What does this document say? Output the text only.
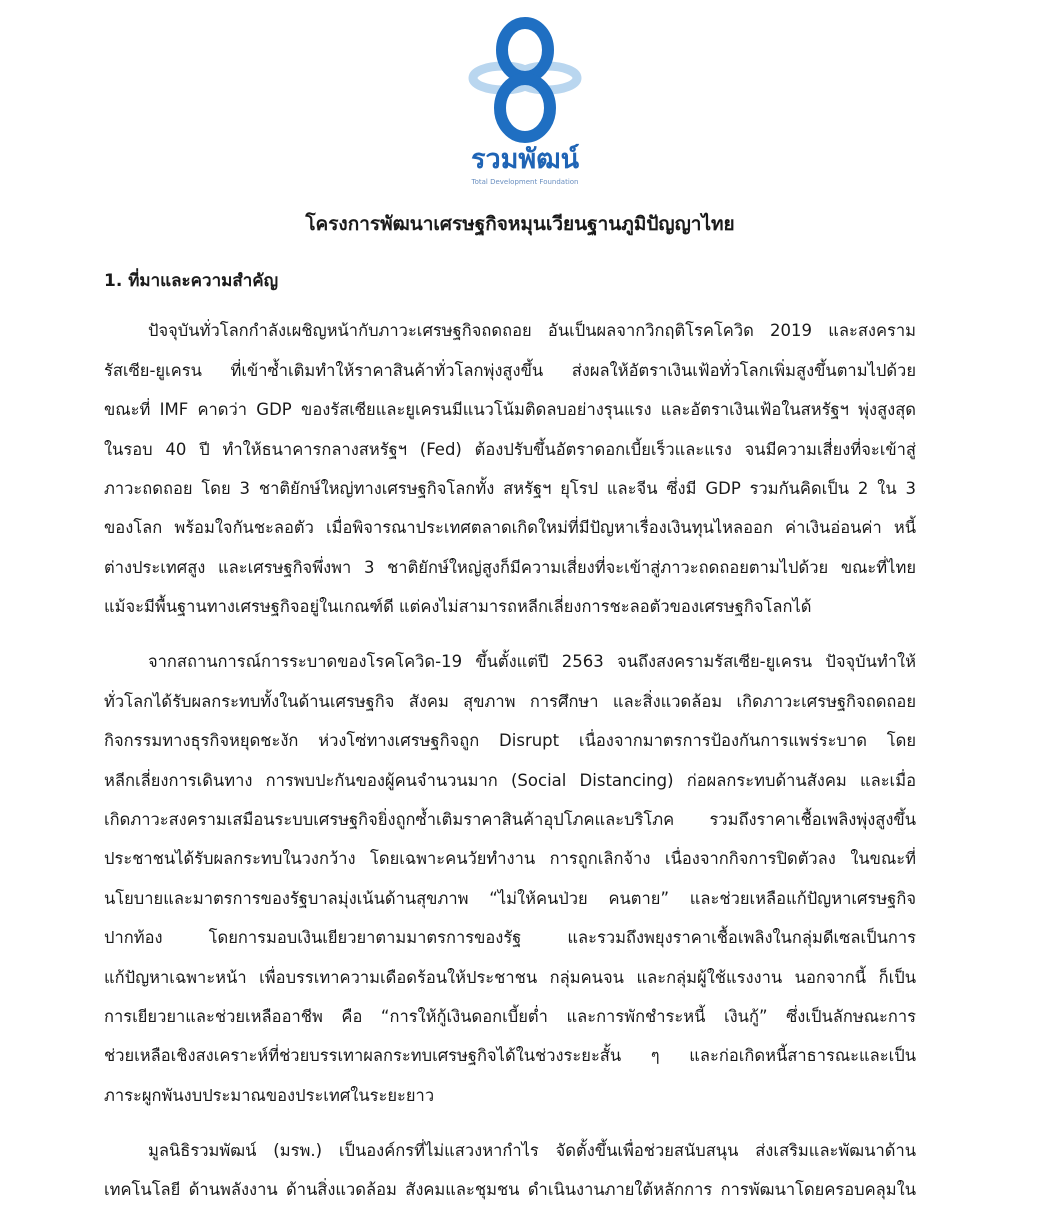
รวมพัฒน์
Total Development Foundation
โครงการพัฒนาเศรษฐกิจหมุนเวียนฐานภูมิปัญญาไทย
1. ที่มาและความสำคัญ
ปัจจุบันทั่วโลกกำลังเผชิญหน้ากับภาวะเศรษฐกิจถดถอย อันเป็นผลจากวิกฤติโรคโควิด 2019 และสงคราม
รัสเซีย-ยูเครน ที่เข้าซ้ำเติมทำให้ราคาสินค้าทั่วโลกพุ่งสูงขึ้น ส่งผลให้อัตราเงินเฟ้อทั่วโลกเพิ่มสูงขึ้นตามไปด้วย
ขณะที่ IMF คาดว่า GDP ของรัสเซียและยูเครนมีแนวโน้มติดลบอย่างรุนแรง และอัตราเงินเฟ้อในสหรัฐฯ พุ่งสูงสุด
ในรอบ 40 ปี ทำให้ธนาคารกลางสหรัฐฯ (Fed) ต้องปรับขึ้นอัตราดอกเบี้ยเร็วและแรง จนมีความเสี่ยงที่จะเข้าสู่
ภาวะถดถอย โดย 3 ชาติยักษ์ใหญ่ทางเศรษฐกิจโลกทั้ง สหรัฐฯ ยุโรป และจีน ซึ่งมี GDP รวมกันคิดเป็น 2 ใน 3
ของโลก พร้อมใจกันชะลอตัว เมื่อพิจารณาประเทศตลาดเกิดใหม่ที่มีปัญหาเรื่องเงินทุนไหลออก ค่าเงินอ่อนค่า หนี้
ต่างประเทศสูง และเศรษฐกิจพึ่งพา 3 ชาติยักษ์ใหญ่สูงก็มีความเสี่ยงที่จะเข้าสู่ภาวะถดถอยตามไปด้วย ขณะที่ไทย
แม้จะมีพื้นฐานทางเศรษฐกิจอยู่ในเกณฑ์ดี แต่คงไม่สามารถหลีกเลี่ยงการชะลอตัวของเศรษฐกิจโลกได้
จากสถานการณ์การระบาดของโรคโควิด-19 ขึ้นตั้งแต่ปี 2563 จนถึงสงครามรัสเซีย-ยูเครน ปัจจุบันทำให้
ทั่วโลกได้รับผลกระทบทั้งในด้านเศรษฐกิจ สังคม สุขภาพ การศึกษา และสิ่งแวดล้อม เกิดภาวะเศรษฐกิจถดถอย
กิจกรรมทางธุรกิจหยุดชะงัก ห่วงโซ่ทางเศรษฐกิจถูก Disrupt เนื่องจากมาตรการป้องกันการแพร่ระบาด โดย
หลีกเลี่ยงการเดินทาง การพบปะกันของผู้คนจำนวนมาก (Social Distancing) ก่อผลกระทบด้านสังคม และเมื่อ
เกิดภาวะสงครามเสมือนระบบเศรษฐกิจยิ่งถูกซ้ำเติมราคาสินค้าอุปโภคและบริโภค รวมถึงราคาเชื้อเพลิงพุ่งสูงขึ้น
ประชาชนได้รับผลกระทบในวงกว้าง โดยเฉพาะคนวัยทำงาน การถูกเลิกจ้าง เนื่องจากกิจการปิดตัวลง ในขณะที่
นโยบายและมาตรการของรัฐบาลมุ่งเน้นด้านสุขภาพ “ไม่ให้คนป่วย คนตาย” และช่วยเหลือแก้ปัญหาเศรษฐกิจ
ปากท้อง โดยการมอบเงินเยียวยาตามมาตรการของรัฐ และรวมถึงพยุงราคาเชื้อเพลิงในกลุ่มดีเซลเป็นการ
แก้ปัญหาเฉพาะหน้า เพื่อบรรเทาความเดือดร้อนให้ประชาชน กลุ่มคนจน และกลุ่มผู้ใช้แรงงาน นอกจากนี้ ก็เป็น
การเยียวยาและช่วยเหลืออาชีพ คือ “การให้กู้เงินดอกเบี้ยต่ำ และการพักชำระหนี้ เงินกู้” ซึ่งเป็นลักษณะการ
ช่วยเหลือเชิงสงเคราะห์ที่ช่วยบรรเทาผลกระทบเศรษฐกิจได้ในช่วงระยะสั้น ๆ และก่อเกิดหนี้สาธารณะและเป็น
ภาระผูกพันงบประมาณของประเทศในระยะยาว
มูลนิธิรวมพัฒน์ (มรพ.) เป็นองค์กรที่ไม่แสวงหากำไร จัดตั้งขึ้นเพื่อช่วยสนับสนุน ส่งเสริมและพัฒนาด้าน
เทคโนโลยี ด้านพลังงาน ด้านสิ่งแวดล้อม สังคมและชุมชน ดำเนินงานภายใต้หลักการ การพัฒนาโดยครอบคลุมใน
